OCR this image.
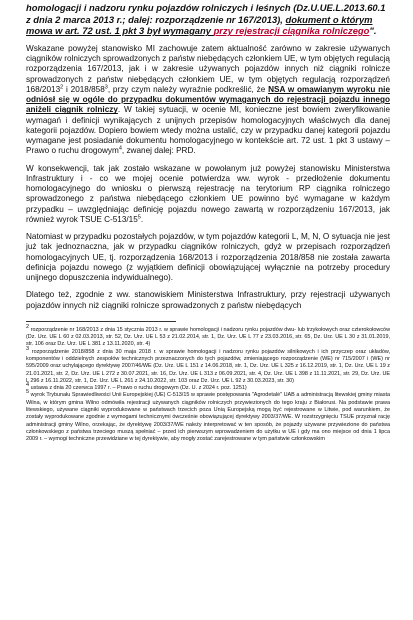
homologacji i nadzoru rynku pojazdów rolniczych i leśnych (Dz.U.UE.L.2013.60.1 z dnia 2 marca 2013 r.; dalej: rozporządzenie nr 167/2013), dokument o którym mowa w art. 72 ust. 1 pkt 3 był wymagany przy rejestracji ciągnika rolniczego".

Wskazane powyżej stanowisko MI zachowuje zatem aktualność zarówno w zakresie używanych ciągników rolniczych sprowadzonych z państw niebędących członkiem UE, w tym objętych regulacją rozporządzenia 167/2013, jak i w zakresie używanych pojazdów innych niż ciągniki rolnicze sprowadzonych z państw niebędących członkiem UE, w tym objętych regulacją rozporządzeń 168/2013$^2$ i $2018/858^3$, przy czym należy wyraźnie podkreślić, że NSA w omawianym wyroku nie odniósł się w ogóle do przypadku dokumentów wymaganych do rejestracji pojazdu innego aniżeli ciągnik rolniczy. W takiej sytuacji, w ocenie MI, konieczne jest bowiem zweryfikowanie wymagań i definicji wynikających z unijnych przepisów homologacyjnych właściwych dla danej kategorii pojazdów. Dopiero bowiem wtedy można ustalić, czy w przypadku danej kategorii pojazdu wymagane jest posiadanie dokumentu homologacyjnego w kontekście art. 72 ust. 1 pkt 3 ustawy – Prawo o ruchu drogowym$^4$, zwanej dalej: PRD.

W konsekwencji, tak jak zostało wskazane w powołanym już powyżej stanowisku Ministerstwa Infrastruktury i - co we mojej ocenie potwierdza ww. wyrok - przedłożenie dokumentu homologacyjnego do wniosku o pierwszą rejestrację na terytorium RP ciągnika rolniczego sprowadzonego z państwa niebędącego członkiem UE powinno być wymagane w każdym przypadku – uwzględniając definicję pojazdu nowego zawartą w rozporządzeniu 167/2013, jak również wyrok TSUE $C-513/15^5$.

Natomiast w przypadku pozostałych pojazdów, w tym pojazdów kategorii L, M, N, O sytuacja nie jest już tak jednoznaczna, jak w przypadku ciągników rolniczych, gdyż w przepisach rozporządzeń homologacyjnych UE, tj. rozporządzenia 168/2013 i rozporządzenia 2018/858 nie została zawarta definicja pojazdu nowego (z wyjątkiem definicji obowiązującej wyłącznie na potrzeby procedury unijnego dopuszczenia indywidualnego).

Dlatego też, zgodnie z ww. stanowiskiem Ministerstwa Infrastruktury, przy rejestracji używanych pojazdów innych niż ciągniki rolnicze sprowadzonych z państw niebędących

2 rozporządzenie nr 168/2013 z dnia 15 stycznia 2013 r. w sprawie homologacji i nadzoru rynku pojazdów dwu- lub trzykołowych oraz czterokołowców (Dz. Urz. UE L 60 z 02.03.2013, str. 52, Dz. Urz. UE L 53 z 21.02.2014, str. 1, Dz. Urz. UE L 77 z 23.03.2016, str. 65, Dz. Urz. UE L 30 z 31.01.2019, str. 106 oraz Dz. Urz. UE L 381 z 13.11.2020, str. 4)

3 rozporządzenie 2018/858 z dnia 30 maja 2018 r. w sprawie homologacji i nadzoru rynku pojazdów silnikowych i ich przyczep oraz układów, komponentów i oddzielnych zespołów technicznych przeznaczonych do tych pojazdów, zmieniającego rozporządzenie (WE) nr 715/2007 i (WE) nr 595/2009 oraz uchylającego dyrektywę 2007/46/WE (Dz. Urz. UE L 151 z 14.06.2018, str. 1, Dz. Urz. UE L 325 z 16.12.2019, str. 1, Dz. Urz. UE L 19 z 21.01.2021, str. 2, Dz. Urz. UE L 272 z 30.07.2021, str. 16, Dz. Urz. UE L 313 z 06.09.2021, str. 4, Dz. Urz. UE L 398 z 11.11.2021, str. 29, Dz. Urz. UE L 296 z 16.11.2022, str. 1, Dz. Urz. UE L 261 z 24.10.2022, str. 103 oraz Dz. Urz. UE L 92 z 30.03.2023, str. 30)

4 ustawa z dnia 20 czerwca 1997 r. – Prawo o ruchu drogowym (Dz. U. z 2024 r. poz. 1251)

5 wyrok Trybunału Sprawiedliwości Unii Europejskiej (UE) C-513/15 w sprawie postępowania "Agrodetalė" UAB a administracją litewskiej gminy miasta Wilna, w którym gmina Wilno odmówiła rejestracji używanych ciągników rolniczych przywiezionych do tego kraju z Białorusi. Na podstawie prawa litewskiego, używane ciągniki wyprodukowane w państwach trzecich poza Unią Europejską mogą być rejestrowane w Litwie, pod warunkiem, że zostały wyprodukowane zgodnie z wymogami technicznymi ówcześnie obowiązującej dyrektywy 2003/37/WE. W rozstrzygnięciu TSUE przyznał rację administracji gminy Wilno, orzekając, że dyrektywę 2003/37/WE należy interpretować w ten sposób, że pojazdy używane przywiezione do państwa członkowskiego z państwa trzeciego muszą spełniać – przed ich pierwszym wprowadzeniem do użytku w UE i gdy ma ono miejsce od dnia 1 lipca 2009 r. – wymogi techniczne przewidziane w tej dyrektywie, aby mogły zostać zarejestrowane w tym państwie członkowskim
